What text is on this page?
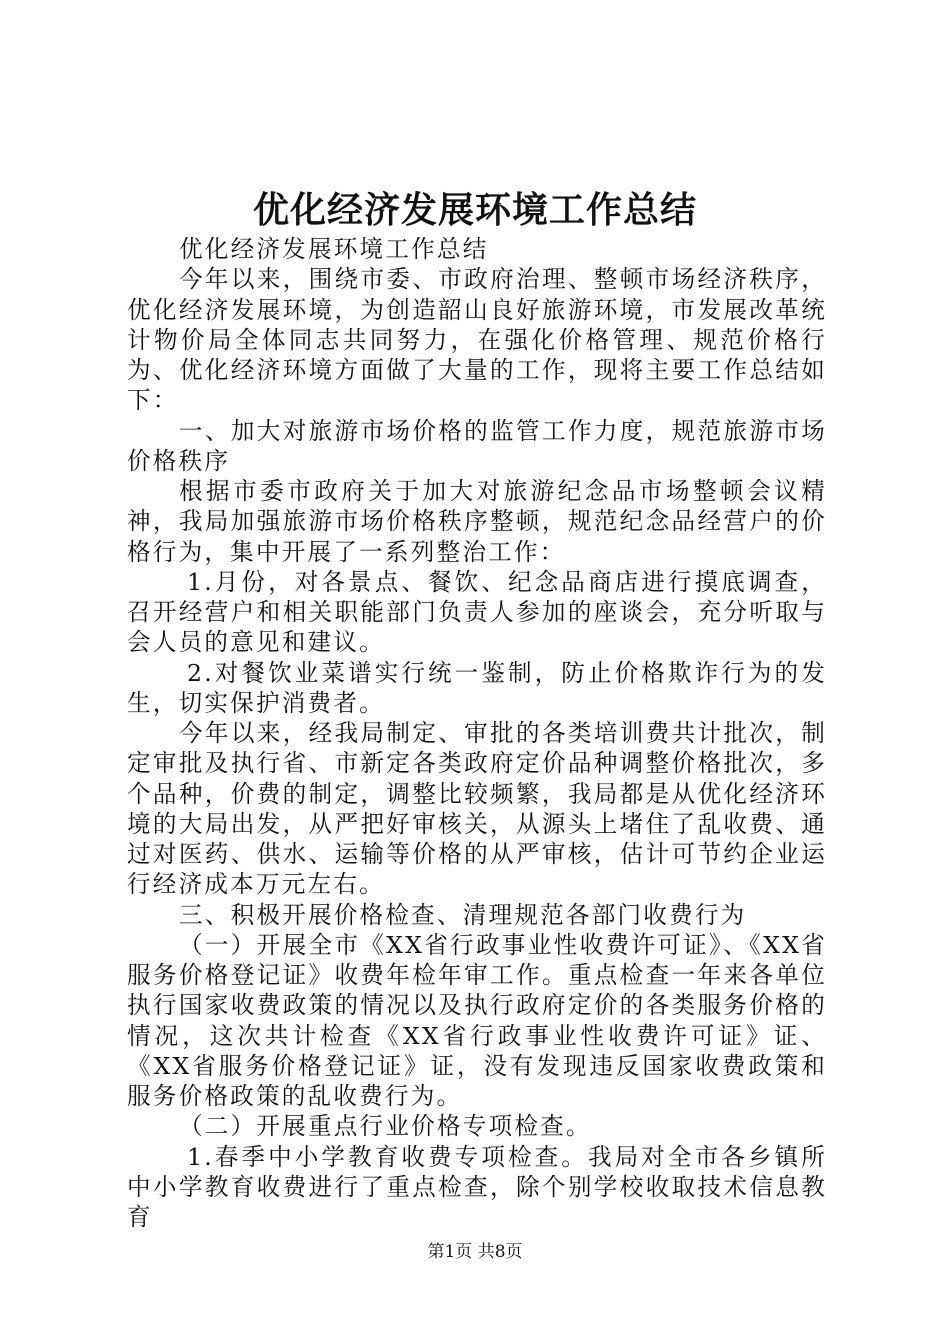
优化经济发展环境工作总结

优化经济发展环境工作总结

今年以来，围绕市委、市政府治理、整顿市场经济秩序，优化经济发展环境，为创造韶山良好旅游环境，市发展改革统计物价局全体同志共同努力，在强化价格管理、规范价格行为、优化经济环境方面做了大量的工作，现将主要工作总结如下：

一、加大对旅游市场价格的监管工作力度，规范旅游市场价格秩序

根据市委市政府关于加大对旅游纪念品市场整顿会议精神，我局加强旅游市场价格秩序整顿，规范纪念品经营户的价格行为，集中开展了一系列整治工作：

1.月份，对各景点、餐饮、纪念品商店进行摸底调查，召开经营户和相关职能部门负责人参加的座谈会，充分听取与会人员的意见和建议。

2.对餐饮业菜谱实行统一鉴制，防止价格欺诈行为的发生，切实保护消费者。

今年以来，经我局制定、审批的各类培训费共计批次，制定审批及执行省、市新定各类政府定价品种调整价格批次，多个品种，价费的制定，调整比较频繁，我局都是从优化经济环境的大局出发，从严把好审核关，从源头上堵住了乱收费、通过对医药、供水、运输等价格的从严审核，估计可节约企业运行经济成本万元左右。

三、积极开展价格检查、清理规范各部门收费行为

（一）开展全市《XX省行政事业性收费许可证》、《XX省服务价格登记证》收费年检年审工作。重点检查一年来各单位执行国家收费政策的情况以及执行政府定价的各类服务价格的情况，这次共计检查《XX省行政事业性收费许可证》证、《XX省服务价格登记证》证，没有发现违反国家收费政策和服务价格政策的乱收费行为。

（二）开展重点行业价格专项检查。

1.春季中小学教育收费专项检查。我局对全市各乡镇所中小学教育收费进行了重点检查，除个别学校收取技术信息教育

第1页 共8页
